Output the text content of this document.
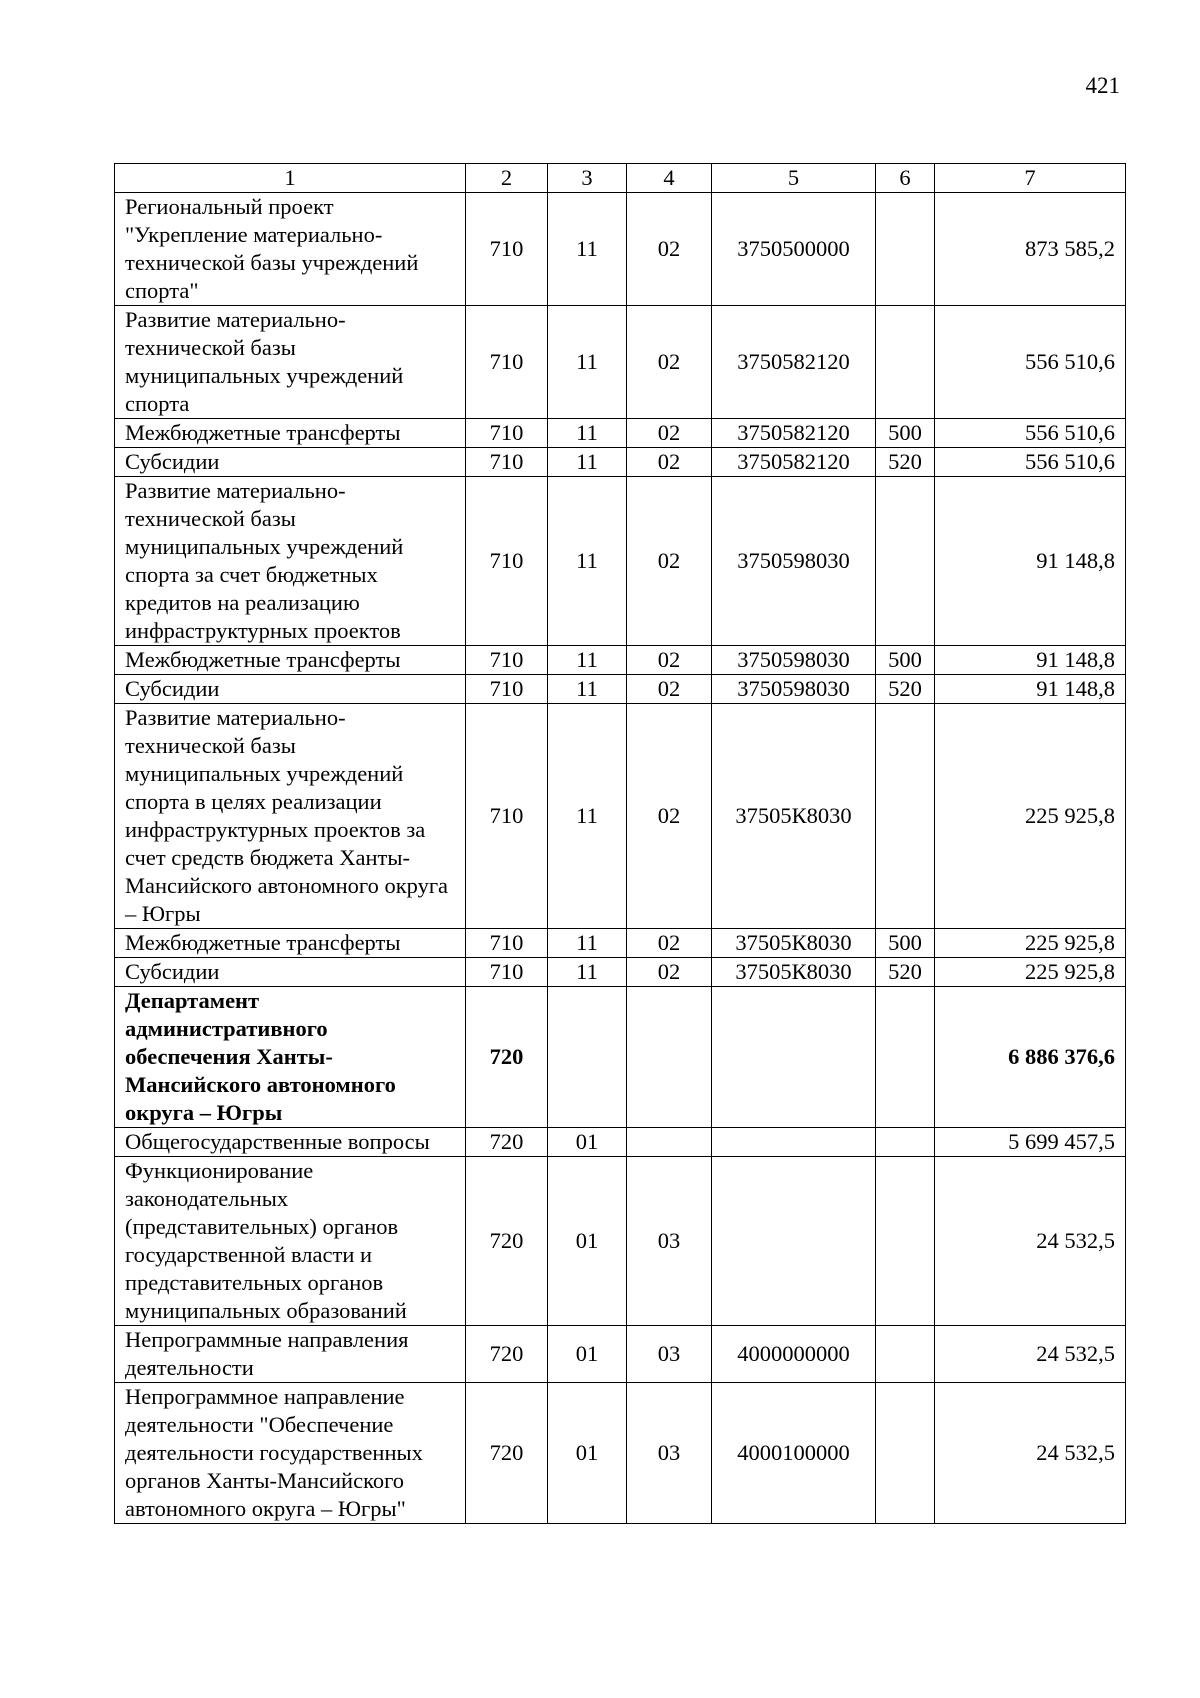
421
1	2	3	4	5	6	7
Региональный проект "Укрепление материально-технической базы учреждений спорта"	710	11	02	3750500000		873 585,2
Развитие материально-технической базы муниципальных учреждений спорта	710	11	02	3750582120		556 510,6
Межбюджетные трансферты	710	11	02	3750582120	500	556 510,6
Субсидии	710	11	02	3750582120	520	556 510,6
Развитие материально-технической базы муниципальных учреждений спорта за счет бюджетных кредитов на реализацию инфраструктурных проектов	710	11	02	3750598030		91 148,8
Межбюджетные трансферты	710	11	02	3750598030	500	91 148,8
Субсидии	710	11	02	3750598030	520	91 148,8
Развитие материально-технической базы муниципальных учреждений спорта в целях реализации инфраструктурных проектов за счет средств бюджета Ханты-Мансийского автономного округа – Югры	710	11	02	37505К8030		225 925,8
Межбюджетные трансферты	710	11	02	37505К8030	500	225 925,8
Субсидии	710	11	02	37505К8030	520	225 925,8
Департамент административного обеспечения Ханты-Мансийского автономного округа – Югры	720					6 886 376,6
Общегосударственные вопросы	720	01				5 699 457,5
Функционирование законодательных (представительных) органов государственной власти и представительных органов муниципальных образований	720	01	03			24 532,5
Непрограммные направления деятельности	720	01	03	4000000000		24 532,5
Непрограммное направление деятельности "Обеспечение деятельности государственных органов Ханты-Мансийского автономного округа – Югры"	720	01	03	4000100000		24 532,5
